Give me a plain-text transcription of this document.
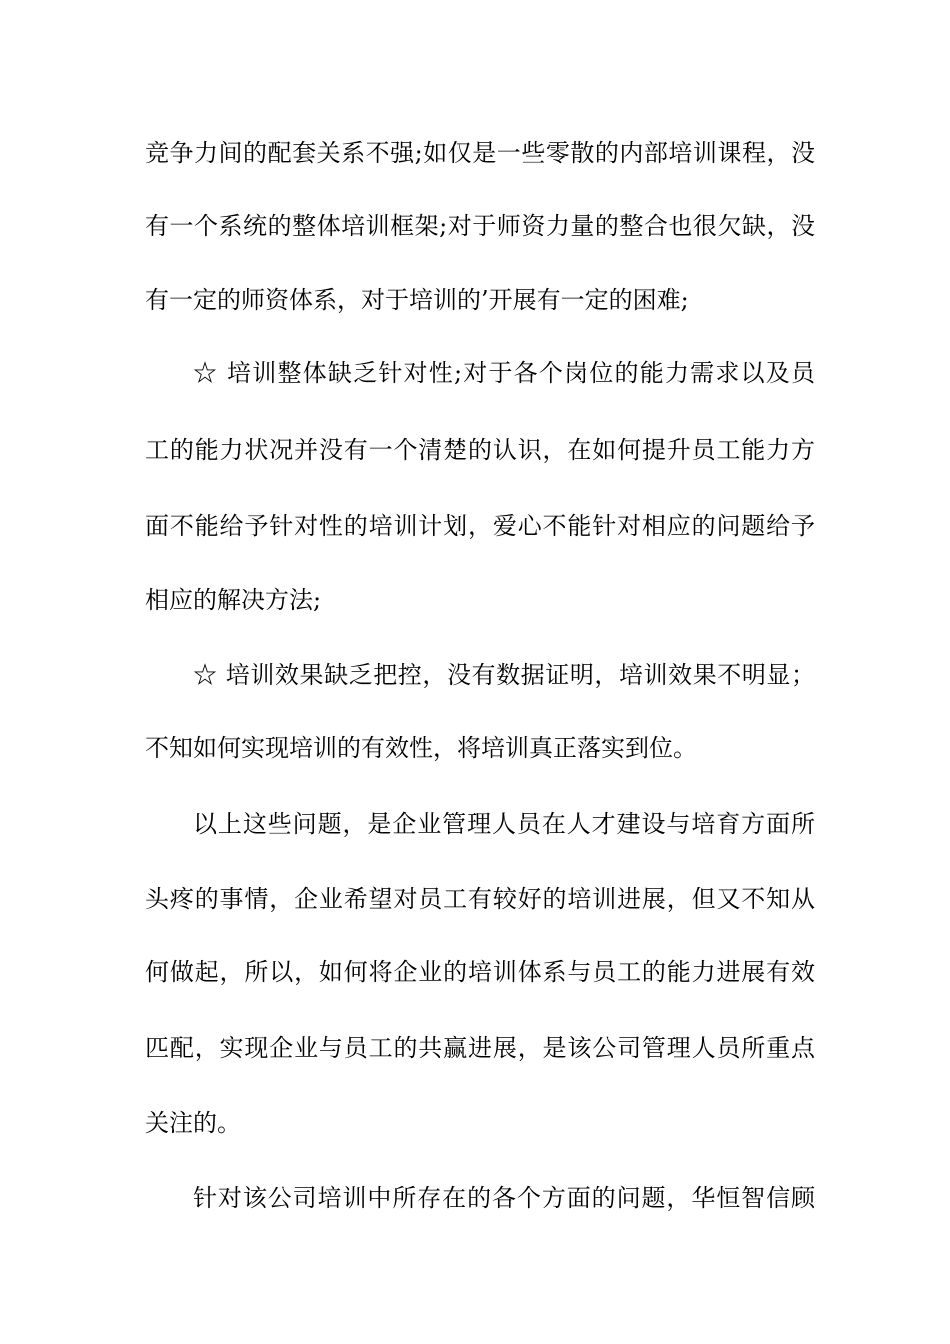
竞争力间的配套关系不强;如仅是一些零散的内部培训课程，没
有一个系统的整体培训框架;对于师资力量的整合也很欠缺，没
有一定的师资体系，对于培训的’开展有一定的困难;
☆ 培训整体缺乏针对性;对于各个岗位的能力需求以及员
工的能力状况并没有一个清楚的认识，在如何提升员工能力方
面不能给予针对性的培训计划，爱心不能针对相应的问题给予
相应的解决方法;
☆ 培训效果缺乏把控，没有数据证明，培训效果不明显；
不知如何实现培训的有效性，将培训真正落实到位。
以上这些问题，是企业管理人员在人才建设与培育方面所
头疼的事情，企业希望对员工有较好的培训进展，但又不知从
何做起，所以，如何将企业的培训体系与员工的能力进展有效
匹配，实现企业与员工的共赢进展，是该公司管理人员所重点
关注的。
针对该公司培训中所存在的各个方面的问题，华恒智信顾
